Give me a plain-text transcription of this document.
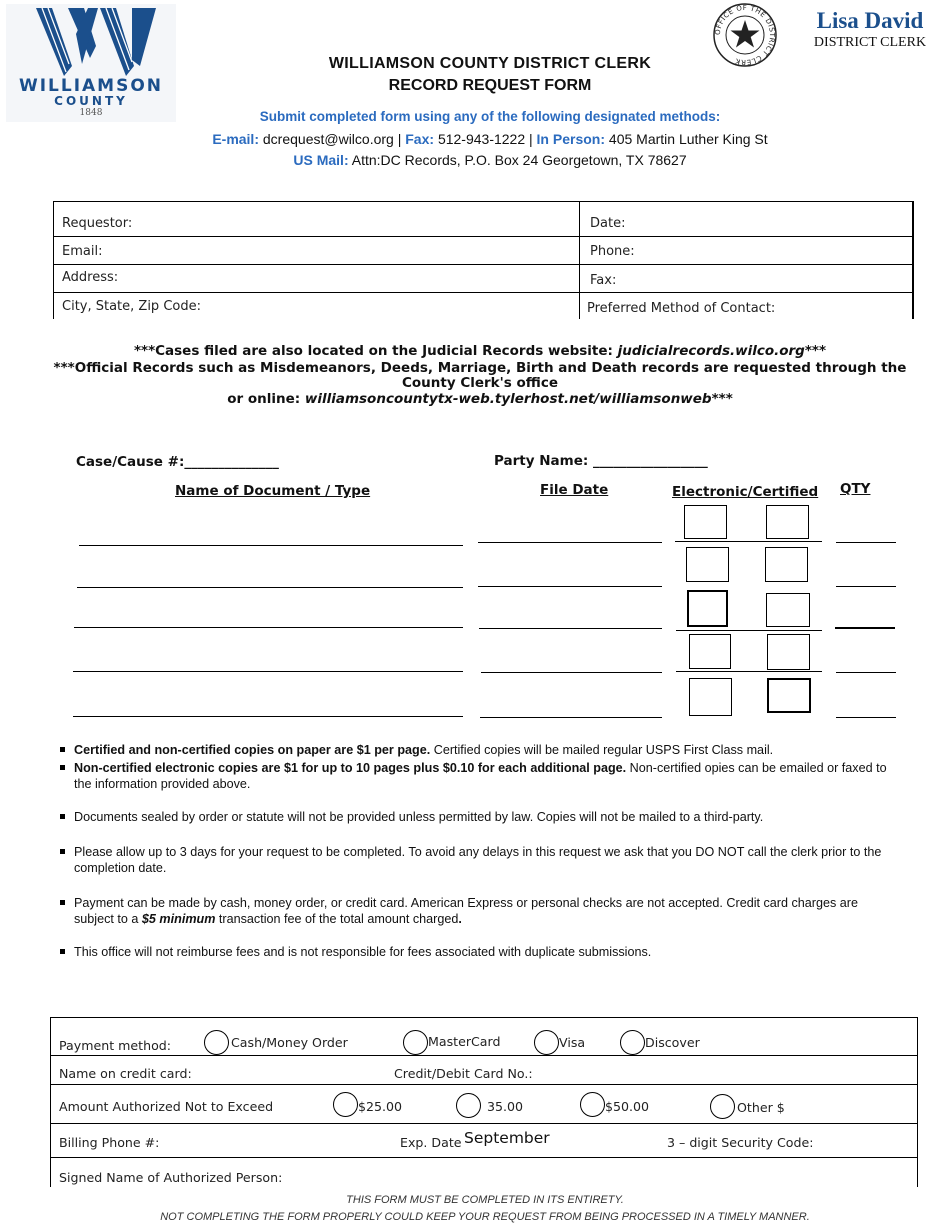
WILLIAMSON
COUNTY
1848
WILLIAMSON COUNTY DISTRICT CLERK
RECORD REQUEST FORM
OFFICE OF THE DISTRICT CLERK
Lisa David
DISTRICT CLERK
Submit completed form using any of the following designated methods:
E-mail: dcrequest@wilco.org | Fax: 512-943-1222 | In Person: 405 Martin Luther King St
US Mail: Attn:DC Records, P.O. Box 24 Georgetown, TX 78627
Requestor:	Date:
Email:	Phone:
Address:	Fax:
City, State, Zip Code:	Preferred Method of Contact:
***Cases filed are also located on the Judicial Records website: judicialrecords.wilco.org***
***Official Records such as Misdemeanors, Deeds, Marriage, Birth and Death records are requested through the
County Clerk's office
or online: williamsoncountytx-web.tylerhost.net/williamsonweb***
Case/Cause #:______________	Party Name: _________________
Name of Document / Type	File Date	Electronic/Certified QTY
Certified and non-certified copies on paper are $1 per page. Certified copies will be mailed regular USPS First Class mail.
Non-certified electronic copies are $1 for up to 10 pages plus $0.10 for each additional page. Non-certified opies can be emailed or faxed to the information provided above.
Documents sealed by order or statute will not be provided unless permitted by law. Copies will not be mailed to a third-party.
Please allow up to 3 days for your request to be completed. To avoid any delays in this request we ask that you DO NOT call the clerk prior to the completion date.
Payment can be made by cash, money order, or credit card. American Express or personal checks are not accepted. Credit card charges are subject to a $5 minimum transaction fee of the total amount charged.
This office will not reimburse fees and is not responsible for fees associated with duplicate submissions.
Payment method:	Cash/Money Order	MasterCard	Visa	Discover
Name on credit card:	Credit/Debit Card No.:
Amount Authorized Not to Exceed	$25.00	35.00	$50.00	Other $
Billing Phone #:	Exp. Date September	3 – digit Security Code:
Signed Name of Authorized Person:
THIS FORM MUST BE COMPLETED IN ITS ENTIRETY.
NOT COMPLETING THE FORM PROPERLY COULD KEEP YOUR REQUEST FROM BEING PROCESSED IN A TIMELY MANNER.
